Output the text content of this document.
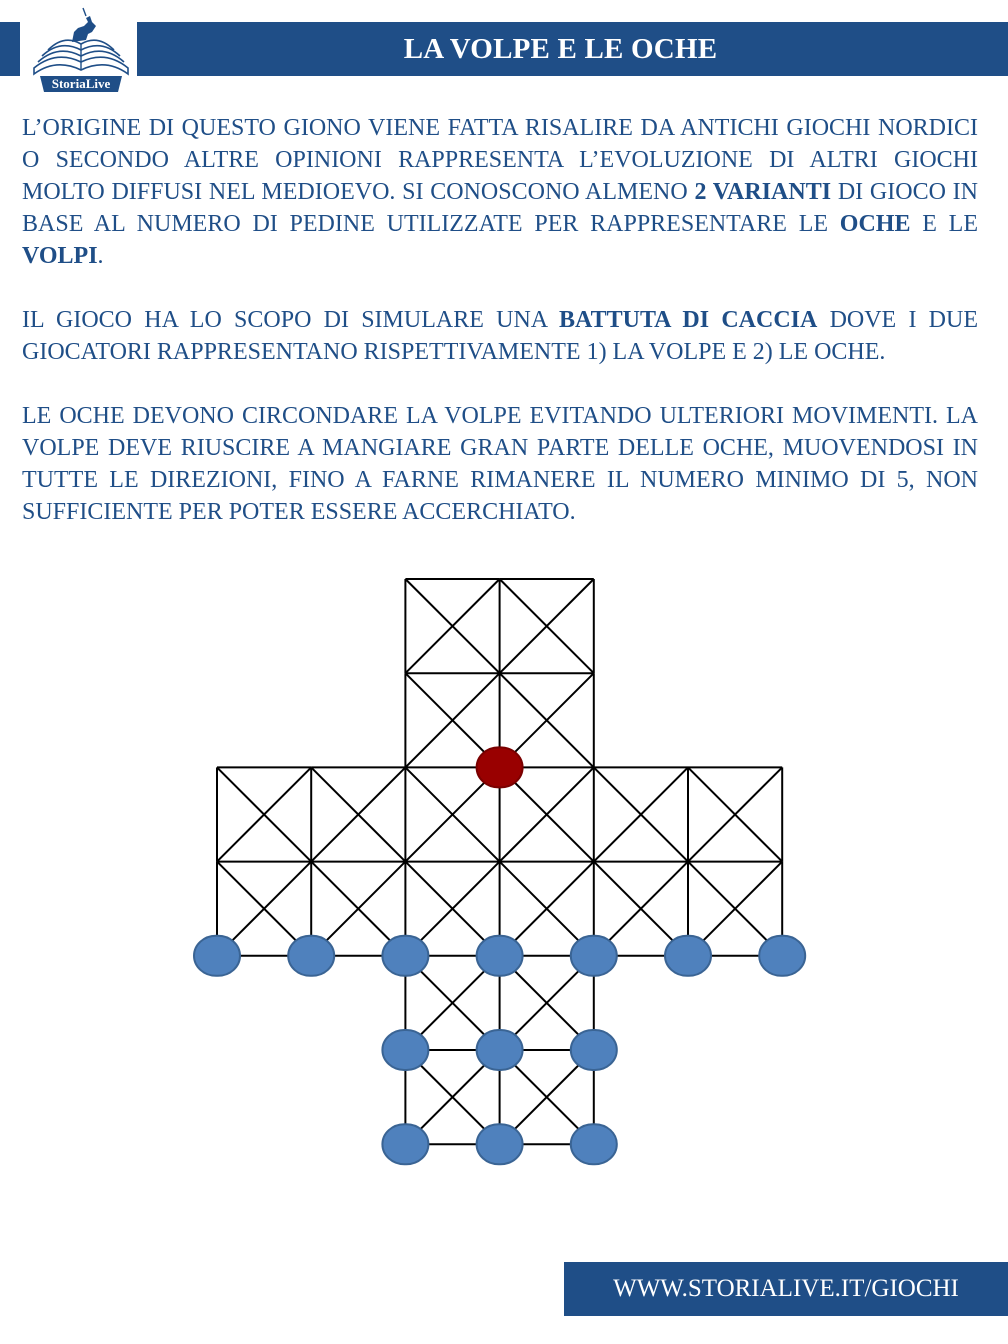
StoriaLive
LA VOLPE E LE OCHE

L’ORIGINE DI QUESTO GIONO VIENE FATTA RISALIRE DA ANTICHI GIOCHI NORDICI O SECONDO ALTRE OPINIONI RAPPRESENTA L’EVOLUZIONE DI ALTRI GIOCHI MOLTO DIFFUSI NEL MEDIOEVO. SI CONOSCONO ALMENO 2 VARIANTI DI GIOCO IN BASE AL NUMERO DI PEDINE UTILIZZATE PER RAPPRESENTARE LE OCHE E LE VOLPI.

IL GIOCO HA LO SCOPO DI SIMULARE UNA BATTUTA DI CACCIA DOVE I DUE GIOCATORI RAPPRESENTANO RISPETTIVAMENTE 1) LA VOLPE E 2) LE OCHE.

LE OCHE DEVONO CIRCONDARE LA VOLPE EVITANDO ULTERIORI MOVIMENTI. LA VOLPE DEVE RIUSCIRE A MANGIARE GRAN PARTE DELLE OCHE, MUOVENDOSI IN TUTTE LE DIREZIONI, FINO A FARNE RIMANERE IL NUMERO MINIMO DI 5, NON SUFFICIENTE PER POTER ESSERE ACCERCHIATO.

WWW.STORIALIVE.IT/GIOCHI
